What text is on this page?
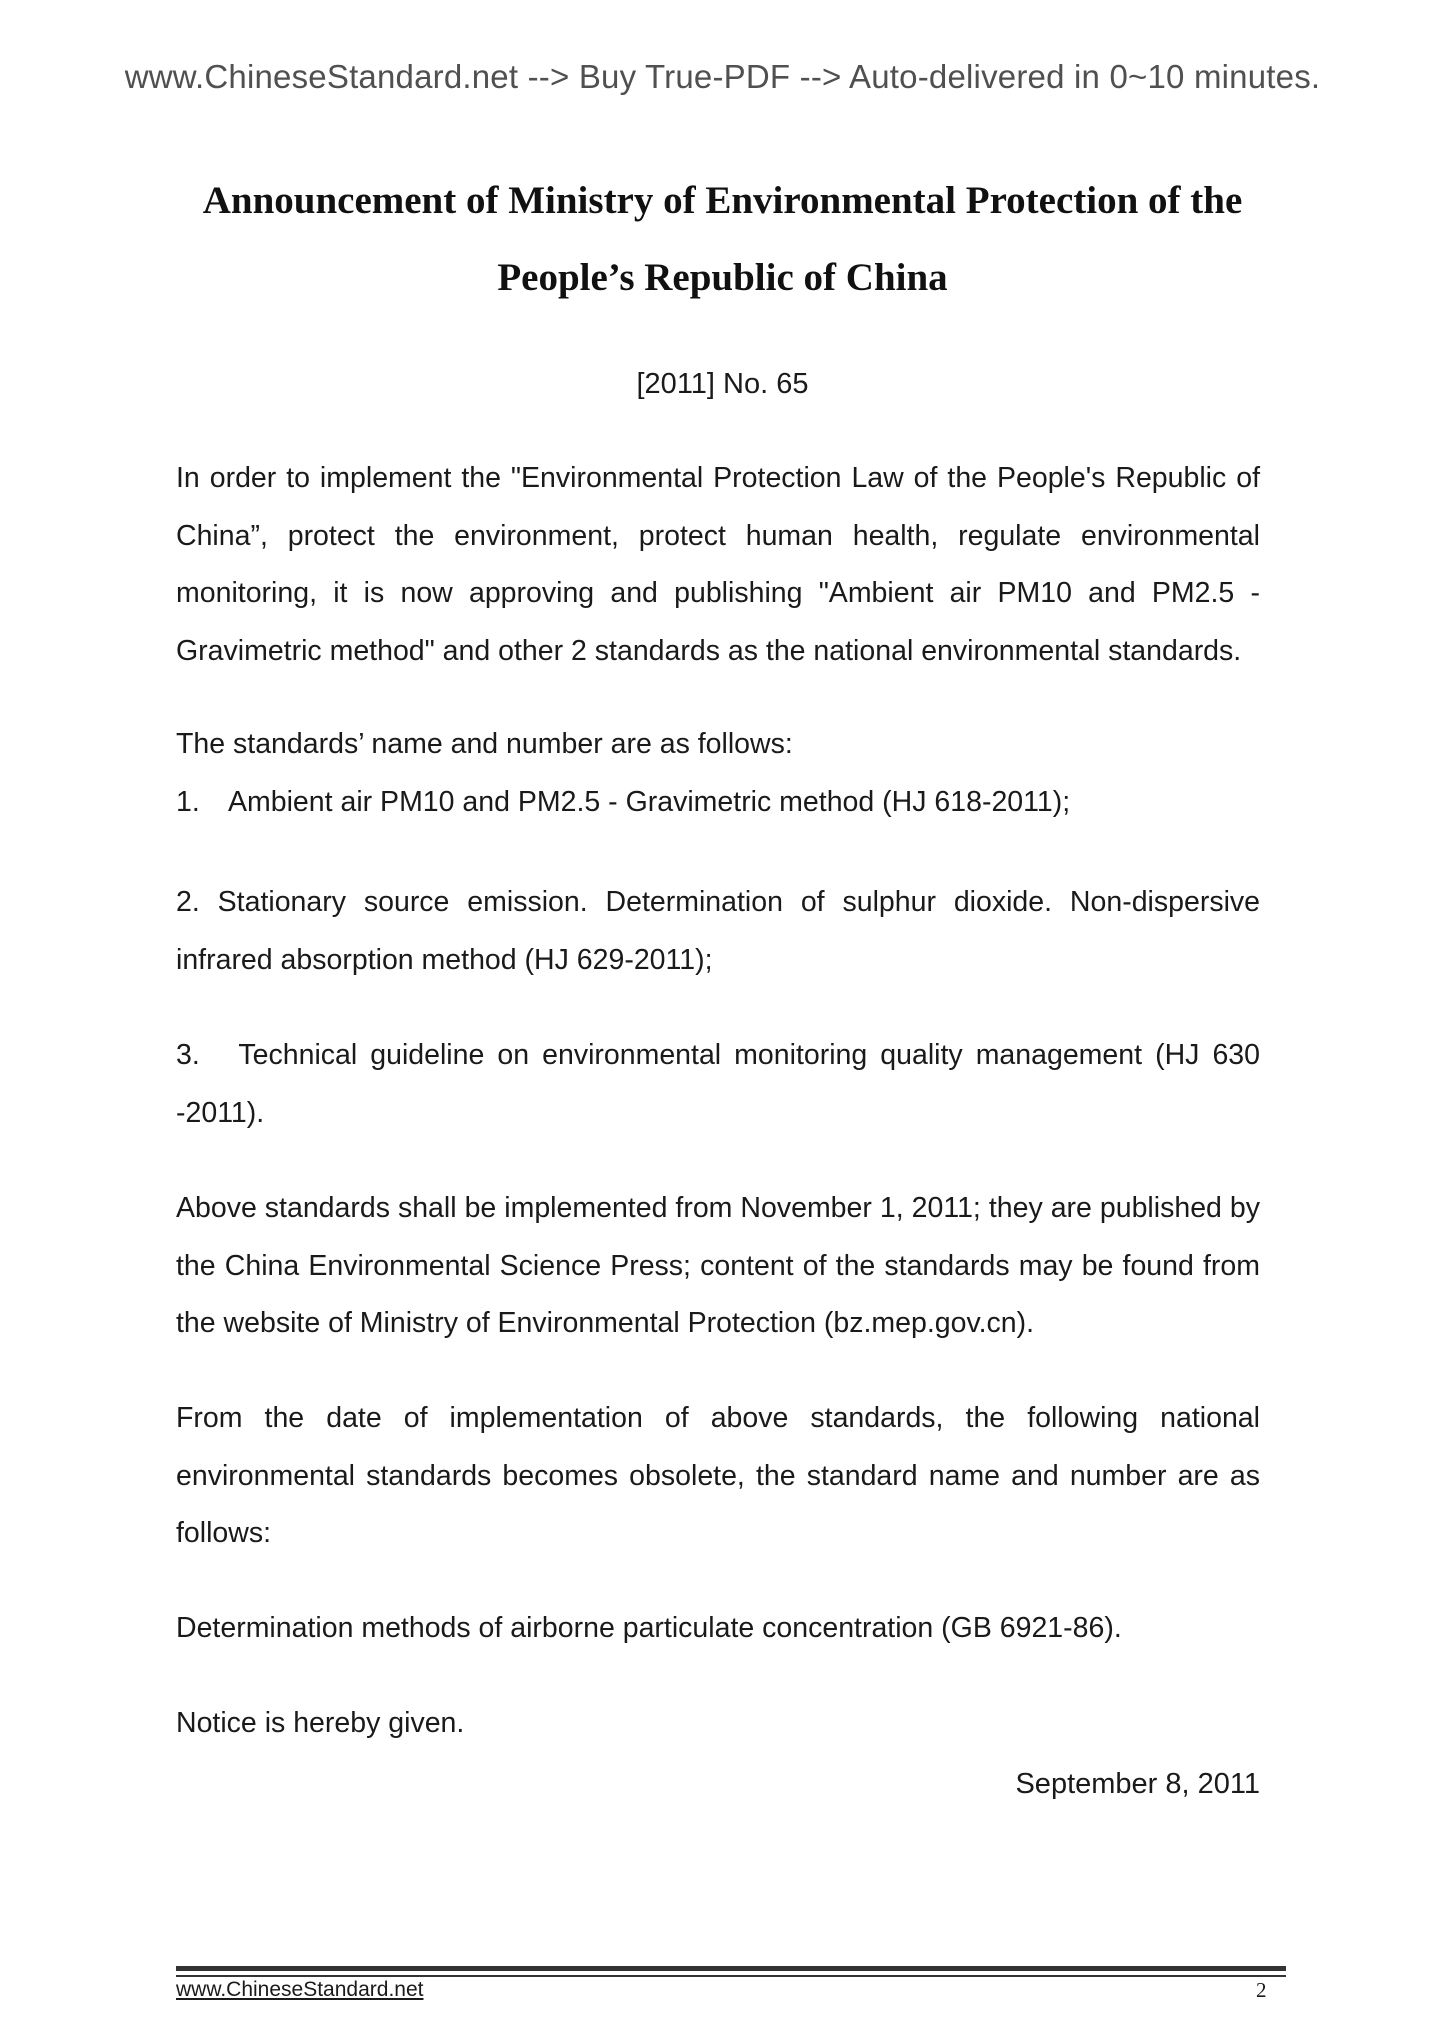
www.ChineseStandard.net --> Buy True-PDF --> Auto-delivered in 0~10 minutes.
Announcement of Ministry of Environmental Protection of the
People’s Republic of China
[2011] No. 65

In order to implement the "Environmental Protection Law of the People's Republic of China”, protect the environment, protect human health, regulate environmental monitoring, it is now approving and publishing "Ambient air PM10 and PM2.5 - Gravimetric method" and other 2 standards as the national environmental standards.

The standards’ name and number are as follows:

1. Ambient air PM10 and PM2.5 - Gravimetric method (HJ 618-2011);

2. Stationary source emission. Determination of sulphur dioxide. Non-dispersive infrared absorption method (HJ 629-2011);

3. Technical guideline on environmental monitoring quality management (HJ 630 -2011).

Above standards shall be implemented from November 1, 2011; they are published by the China Environmental Science Press; content of the standards may be found from the website of Ministry of Environmental Protection (bz.mep.gov.cn).

From the date of implementation of above standards, the following national environmental standards becomes obsolete, the standard name and number are as follows:

Determination methods of airborne particulate concentration (GB 6921-86).

Notice is hereby given.

September 8, 2011
www.ChineseStandard.net	2
